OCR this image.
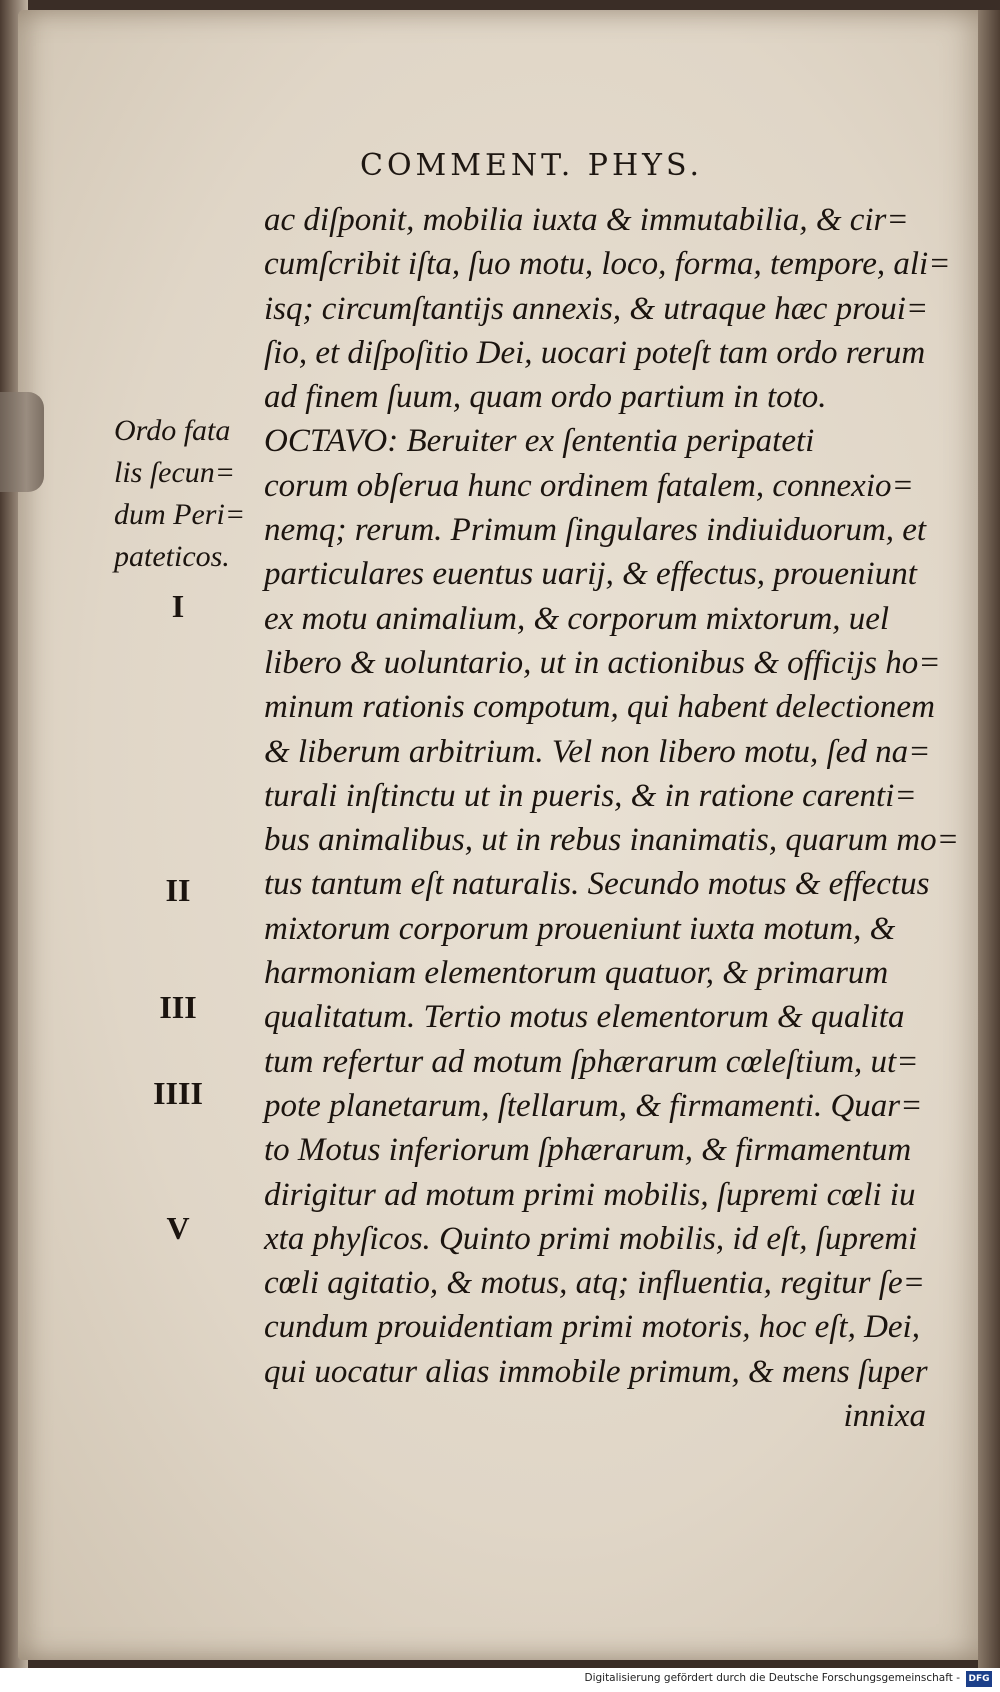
COMMENT. PHYS.
ac diſponit, mobilia iuxta & immutabilia, & cir=
cumſcribit iſta, ſuo motu, loco, forma, tempore, ali=
isq; circumſtantijs annexis, & utraque hæc proui=
ſio, et diſpoſitio Dei, uocari poteſt tam ordo rerum
ad finem ſuum, quam ordo partium in toto.
OCTAVO: Beruiter ex ſententia peripateti
corum obſerua hunc ordinem fatalem, connexio=
nemq; rerum. Primum ſingulares indiuiduorum, et
particulares euentus uarij, & effectus, proueniunt
ex motu animalium, & corporum mixtorum, uel
libero & uoluntario, ut in actionibus & officijs ho=
minum rationis compotum, qui habent delectionem
& liberum arbitrium. Vel non libero motu, ſed na=
turali inſtinctu ut in pueris, & in ratione carenti=
bus animalibus, ut in rebus inanimatis, quarum mo=
tus tantum eſt naturalis. Secundo motus & effectus
mixtorum corporum proueniunt iuxta motum, &
harmoniam elementorum quatuor, & primarum
qualitatum. Tertio motus elementorum & qualita
tum refertur ad motum ſphærarum cœleſtium, ut=
pote planetarum, ſtellarum, & firmamenti. Quar=
to Motus inferiorum ſphærarum, & firmamentum
dirigitur ad motum primi mobilis, ſupremi cœli iu
xta phyſicos. Quinto primi mobilis, id eſt, ſupremi
cœli agitatio, & motus, atq; influentia, regitur ſe=
cundum prouidentiam primi motoris, hoc eſt, Dei,
qui uocatur alias immobile primum, & mens ſuper
innixa
Ordo fata
lis ſecun=
dum Peri=
pateticos.
I
II
III
IIII
V
Digitalisierung gefördert durch die Deutsche Forschungsgemeinschaft - DFG
